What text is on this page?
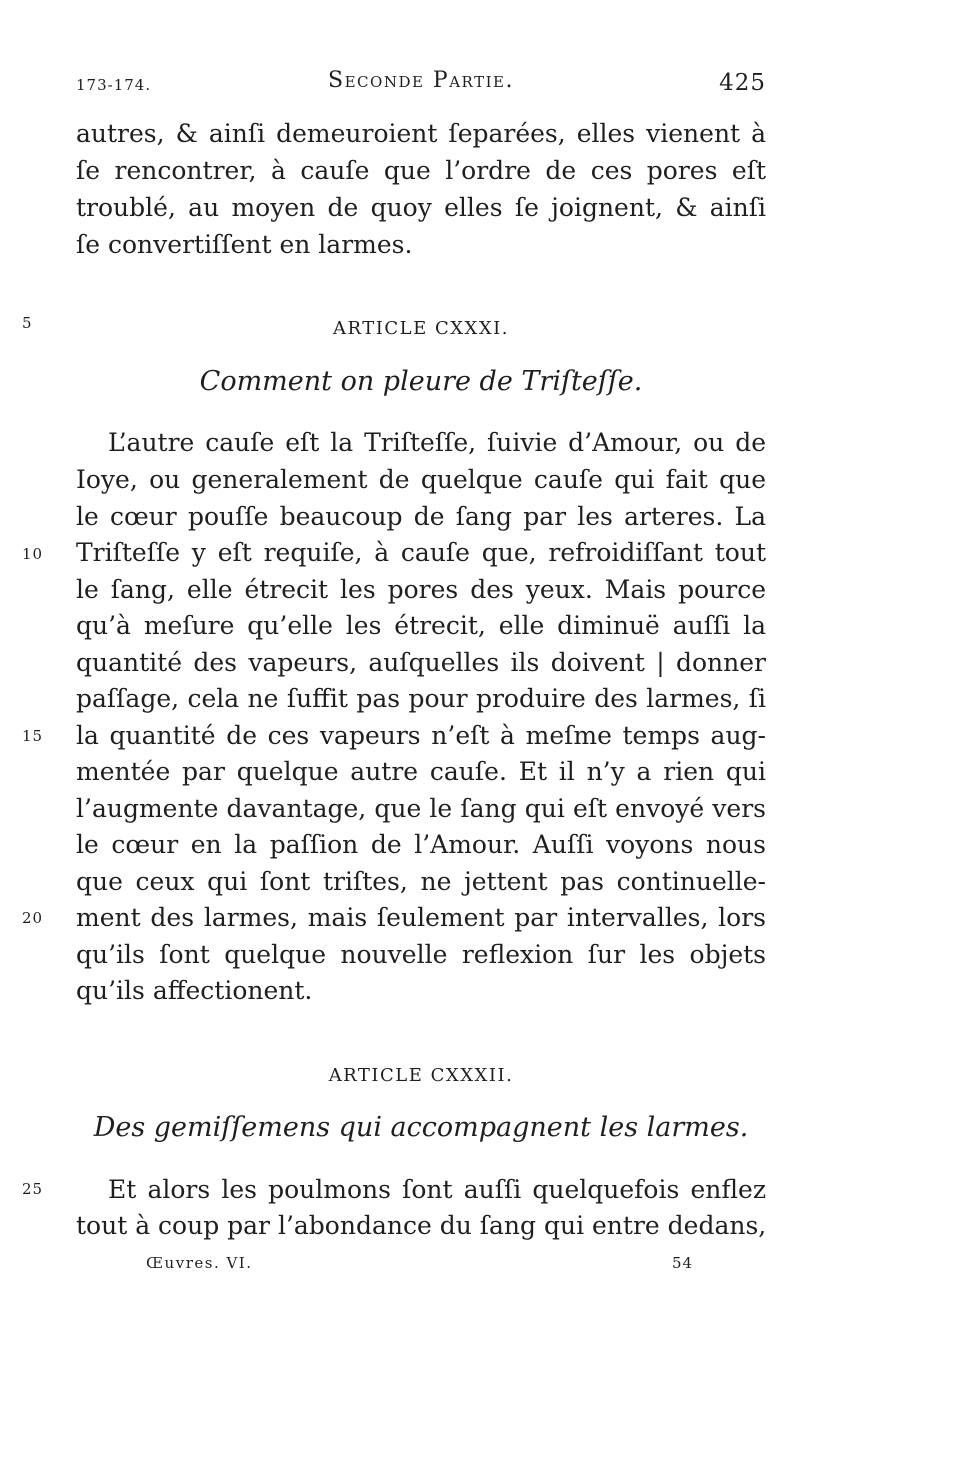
173-174.	Seconde Partie.	425
autres, & ainſi demeuroient ſeparées, elles vienent à
ſe rencontrer, à cauſe que l’ordre de ces pores eſt
troublé, au moyen de quoy elles ſe joignent, & ainſi
ſe convertiſſent en larmes.
5	ARTICLE CXXXI.
Comment on pleure de Triſteſſe.
L’autre cauſe eſt la Triſteſſe, ſuivie d’Amour, ou de
Ioye, ou generalement de quelque cauſe qui fait que
le cœur pouſſe beaucoup de ſang par les arteres. La
10	Triſteſſe y eſt requiſe, à cauſe que, refroidiſſant tout
le ſang, elle étrecit les pores des yeux. Mais pource
qu’à meſure qu’elle les étrecit, elle diminuë auſſi la
quantité des vapeurs, auſquelles ils doivent | donner
paſſage, cela ne ſuffit pas pour produire des larmes, ſi
15	la quantité de ces vapeurs n’eſt à meſme temps aug-
mentée par quelque autre cauſe. Et il n’y a rien qui
l’augmente davantage, que le ſang qui eſt envoyé vers
le cœur en la paſſion de l’Amour. Auſſi voyons nous
que ceux qui ſont triſtes, ne jettent pas continuelle-
20	ment des larmes, mais ſeulement par intervalles, lors
qu’ils ſont quelque nouvelle reflexion ſur les objets
qu’ils affectionent.
ARTICLE CXXXII.
Des gemiſſemens qui accompagnent les larmes.
25	Et alors les poulmons ſont auſſi quelquefois enflez
tout à coup par l’abondance du ſang qui entre dedans,
Œuvres. VI.	54
